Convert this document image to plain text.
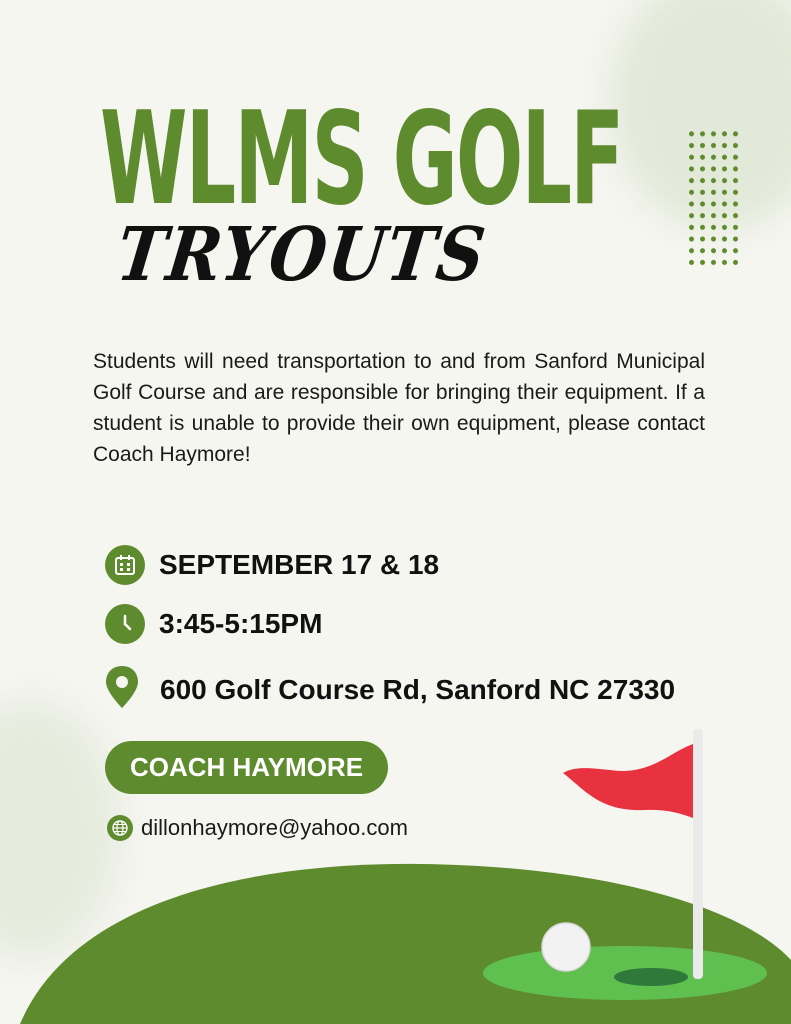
WLMS GOLF
TRYOUTS

Students will need transportation to and from Sanford Municipal Golf Course and are responsible for bringing their equipment. If a student is unable to provide their own equipment, please contact Coach Haymore!

SEPTEMBER 17 & 18
3:45-5:15PM
600 Golf Course Rd, Sanford NC 27330
COACH HAYMORE
dillonhaymore@yahoo.com
